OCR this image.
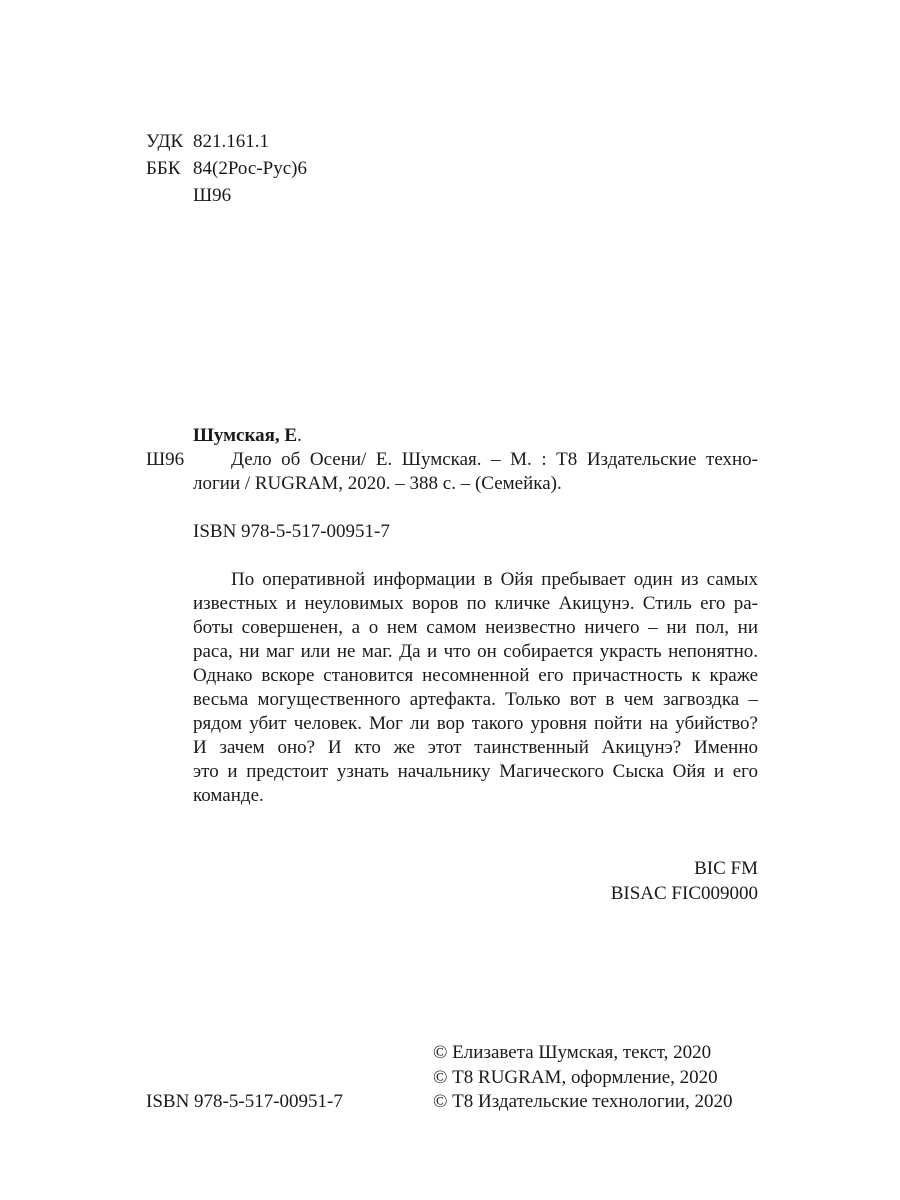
УДК 821.161.1
ББК 84(2Рос-Рус)6
Ш96
Шумская, Е.
Ш96	Дело об Осени/ Е. Шумская. – М. : Т8 Издательские техно-
логии / RUGRAM, 2020. – 388 с. – (Семейка).
ISBN 978-5-517-00951-7
По оперативной информации в Ойя пребывает один из самых
известных и неуловимых воров по кличке Акицунэ. Стиль его ра-
боты совершенен, а о нем самом неизвестно ничего – ни пол, ни
раса, ни маг или не маг. Да и что он собирается украсть непонятно.
Однако вскоре становится несомненной его причастность к краже
весьма могущественного артефакта. Только вот в чем загвоздка –
рядом убит человек. Мог ли вор такого уровня пойти на убийство?
И зачем оно? И кто же этот таинственный Акицунэ? Именно
это и предстоит узнать начальнику Магического Сыска Ойя и его
команде.
BIC FM
BISAC FIC009000
© Елизавета Шумская, текст, 2020
© Т8 RUGRAM, оформление, 2020
ISBN 978-5-517-00951-7	© Т8 Издательские технологии, 2020
